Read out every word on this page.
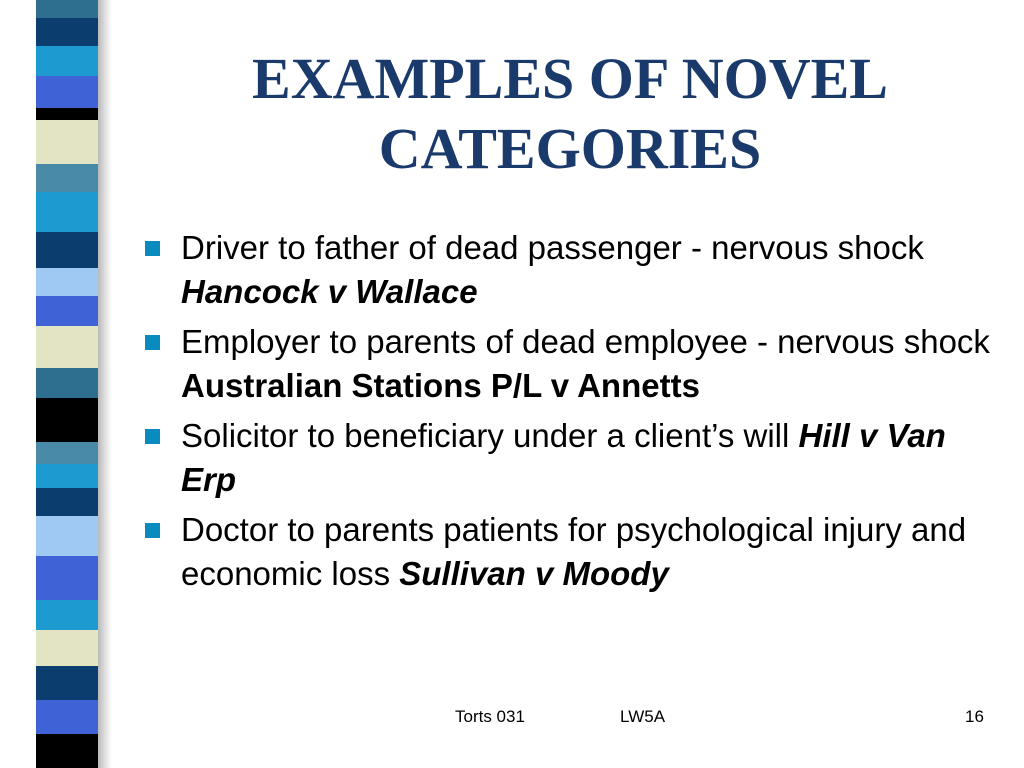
EXAMPLES OF NOVEL CATEGORIES
Driver to father of dead passenger - nervous shock Hancock v Wallace
Employer to parents of dead employee - nervous shock Australian Stations P/L v Annetts
Solicitor to beneficiary under a client’s will Hill v Van Erp
Doctor to parents patients for psychological injury and economic loss Sullivan v Moody
Torts 031	LW5A	16
